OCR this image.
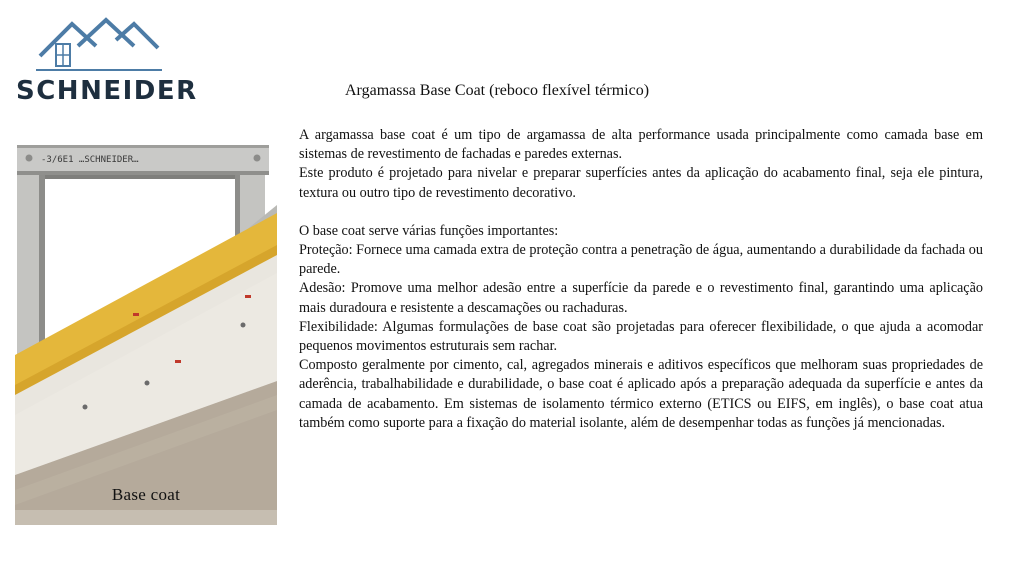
SCHNEIDER	Argamassa Base Coat (reboco flexível térmico)
-3/6E1 …SCHNEIDER…
Base coat

A argamassa base coat é um tipo de argamassa de alta performance usada principalmente como camada base em sistemas de revestimento de fachadas e paredes externas.

Este produto é projetado para nivelar e preparar superfícies antes da aplicação do acabamento final, seja ele pintura, textura ou outro tipo de revestimento decorativo.

O base coat serve várias funções importantes:

Proteção: Fornece uma camada extra de proteção contra a penetração de água, aumentando a durabilidade da fachada ou parede.

Adesão: Promove uma melhor adesão entre a superfície da parede e o revestimento final, garantindo uma aplicação mais duradoura e resistente a descamações ou rachaduras.

Flexibilidade: Algumas formulações de base coat são projetadas para oferecer flexibilidade, o que ajuda a acomodar pequenos movimentos estruturais sem rachar.

Composto geralmente por cimento, cal, agregados minerais e aditivos específicos que melhoram suas propriedades de aderência, trabalhabilidade e durabilidade, o base coat é aplicado após a preparação adequada da superfície e antes da camada de acabamento. Em sistemas de isolamento térmico externo (ETICS ou EIFS, em inglês), o base coat atua também como suporte para a fixação do material isolante, além de desempenhar todas as funções já mencionadas.
